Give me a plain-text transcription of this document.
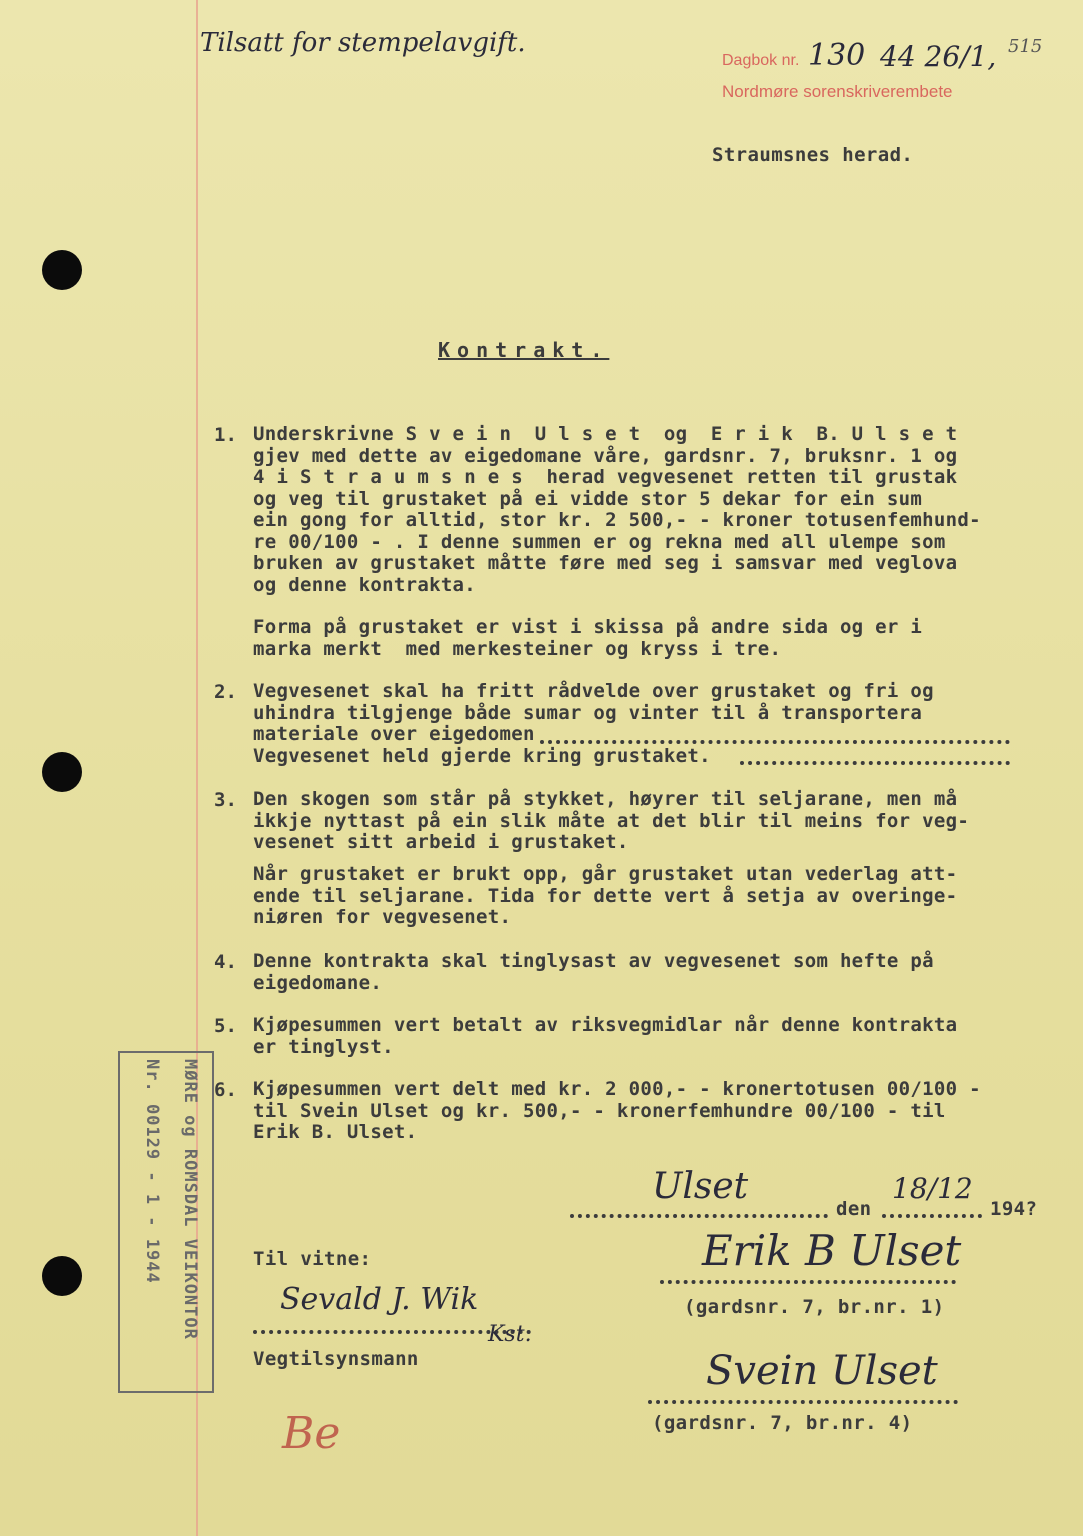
Tilsatt for stempelavgift.
Dagbok nr. 130 44 26/1, 515
Nordmøre sorenskriverembete
Straumsnes herad.
Kontrakt.
1. Underskrivne S v e i n  U l s e t  og  E r i k  B. U l s e t
gjev med dette av eigedomane våre, gardsnr. 7, bruksnr. 1 og
4 i S t r a u m s n e s  herad vegvesenet retten til grustak
og veg til grustaket på ei vidde stor 5 dekar for ein sum
ein gong for alltid, stor kr. 2 500,- - kroner totusenfemhund-
re 00/100 - . I denne summen er og rekna med all ulempe som
bruken av grustaket måtte føre med seg i samsvar med veglova
og denne kontrakta.
Forma på grustaket er vist i skissa på andre sida og er i
marka merkt  med merkesteiner og kryss i tre.
2. Vegvesenet skal ha fritt rådvelde over grustaket og fri og
uhindra tilgjenge både sumar og vinter til å transportera
materiale over eigedomen
Vegvesenet held gjerde kring grustaket.
3. Den skogen som står på stykket, høyrer til seljarane, men må
ikkje nyttast på ein slik måte at det blir til meins for veg-
vesenet sitt arbeid i grustaket.
Når grustaket er brukt opp, går grustaket utan vederlag att-
ende til seljarane. Tida for dette vert å setja av overinge-
niøren for vegvesenet.
4. Denne kontrakta skal tinglysast av vegvesenet som hefte på
eigedomane.
5. Kjøpesummen vert betalt av riksvegmidlar når denne kontrakta
er tinglyst.
6. Kjøpesummen vert delt med kr. 2 000,- - kronertotusen 00/100 -
til Svein Ulset og kr. 500,- - kronerfemhundre 00/100 - til
Erik B. Ulset.
MØRE og ROMSDAL VEIKONTOR
Nr. 00129 - 1 - 1944	Ulset
den
18/12
194?
Til vitne:
Sevald J. Wik
Kst.
Vegtilsynsmann
Be
Erik B Ulset
(gardsnr. 7, br.nr. 1)
Svein Ulset
(gardsnr. 7, br.nr. 4)
